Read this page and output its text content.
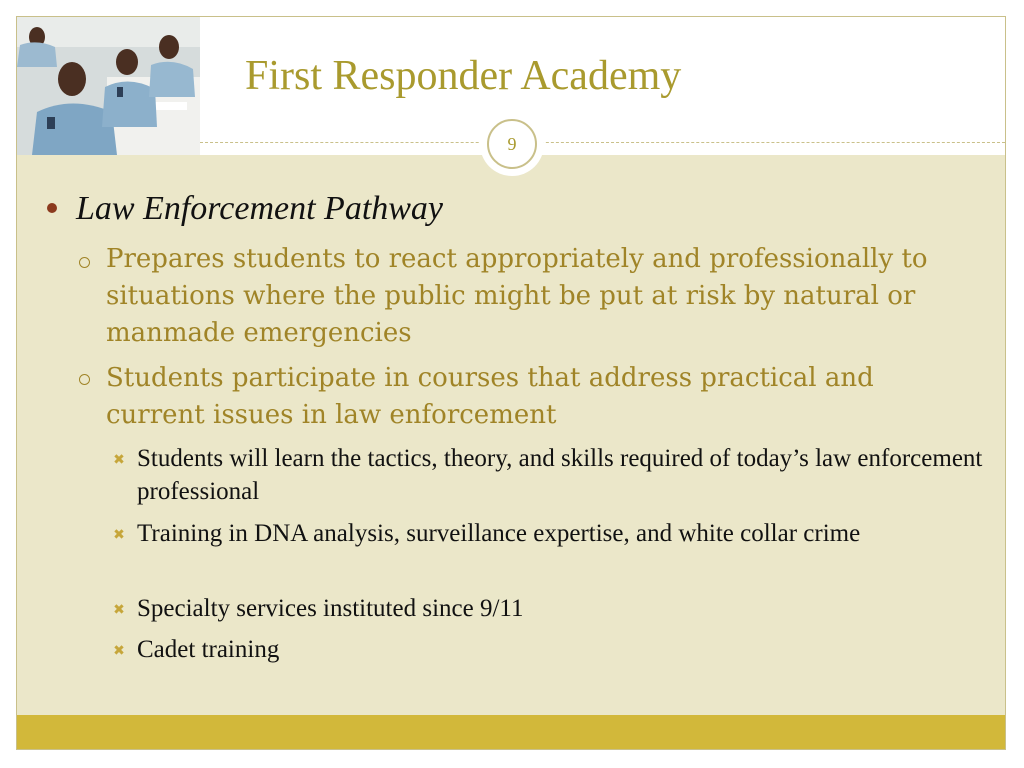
First Responder Academy
9
Law Enforcement Pathway
Prepares students to react appropriately and professionally to situations where the public might be put at risk by natural or manmade emergencies
Students participate in courses that address practical and current issues in law enforcement
✖ Students will learn the tactics, theory, and skills required of today’s law enforcement professional
✖ Training in DNA analysis, surveillance expertise, and white collar crime
✖ Specialty services instituted since 9/11
✖ Cadet training
